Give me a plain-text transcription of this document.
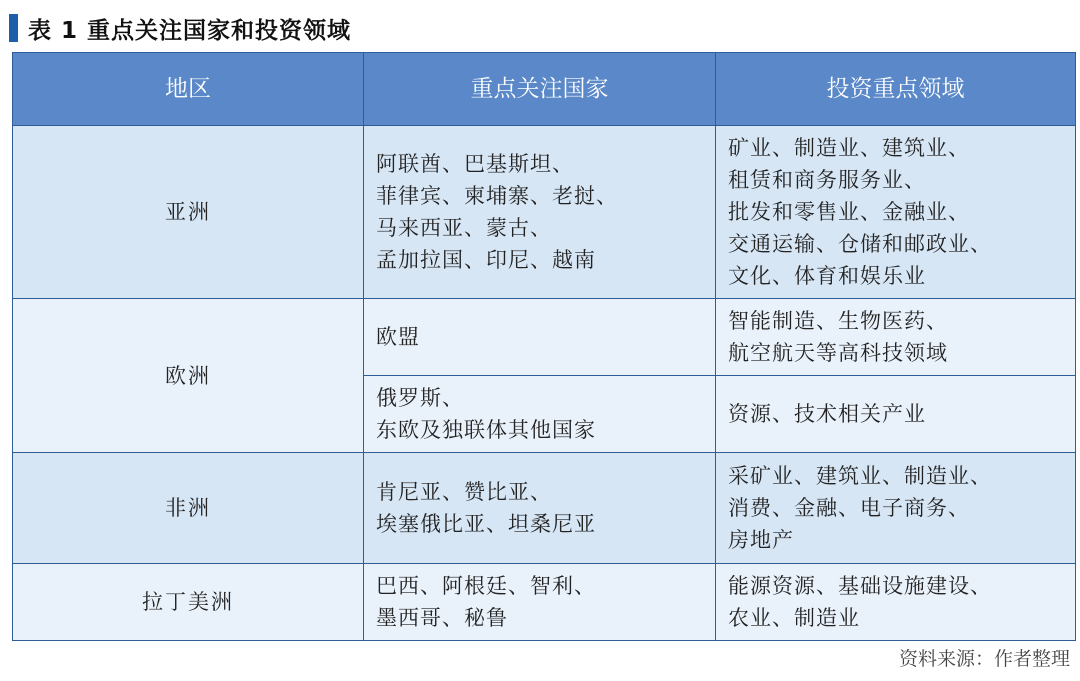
表 1 重点关注国家和投资领域
地区	重点关注国家	投资重点领域
亚洲	阿联酋、巴基斯坦、
菲律宾、柬埔寨、老挝、
马来西亚、蒙古、
孟加拉国、印尼、越南	矿业、制造业、建筑业、
租赁和商务服务业、
批发和零售业、金融业、
交通运输、仓储和邮政业、
文化、体育和娱乐业

欧洲	欧盟	智能制造、生物医药、
航空航天等高科技领域

	俄罗斯、
东欧及独联体其他国家	资源、技术相关产业

非洲	肯尼亚、赞比亚、
埃塞俄比亚、坦桑尼亚	采矿业、建筑业、制造业、
消费、金融、电子商务、
房地产

拉丁美洲	巴西、阿根廷、智利、
墨西哥、秘鲁	能源资源、基础设施建设、
农业、制造业
资料来源：作者整理
